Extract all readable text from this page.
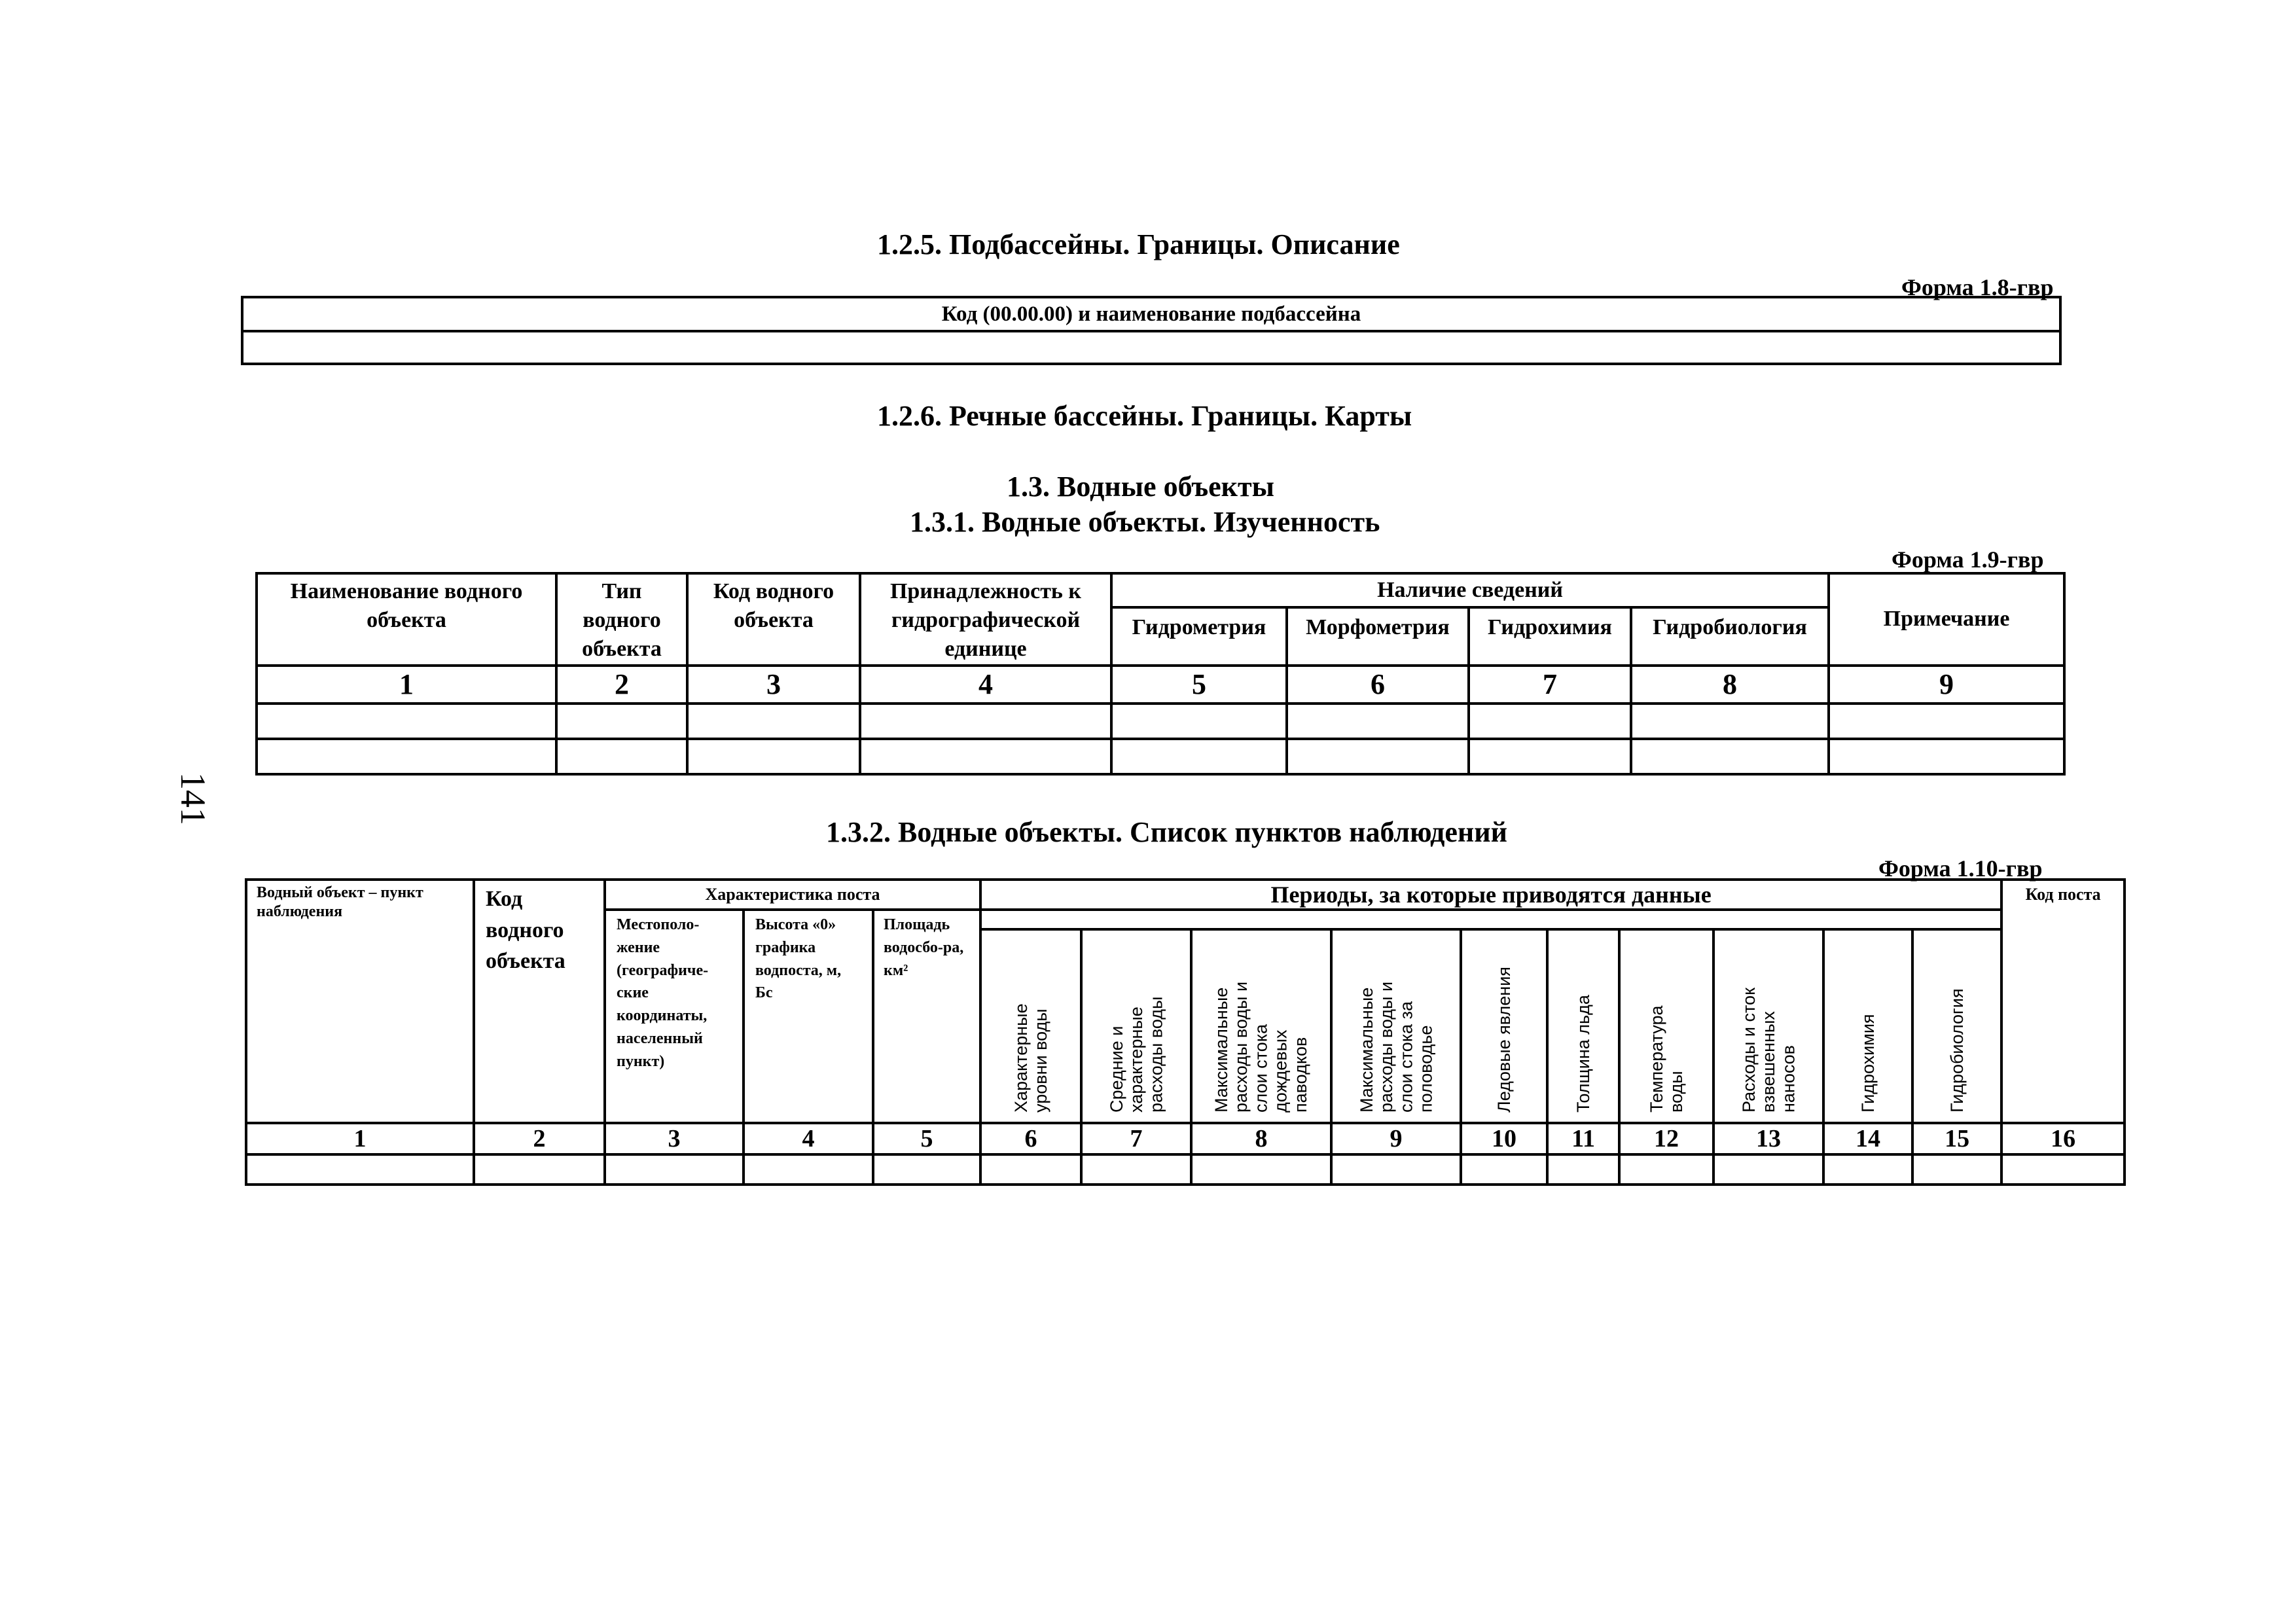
141
1.2.5. Подбассейны. Границы. Описание
Форма 1.8-гвр
Код (00.00.00) и наименование подбассейна

1.2.6. Речные бассейны. Границы. Карты
1.3. Водные объекты
1.3.1. Водные объекты. Изученность
Форма 1.9-гвр
Наименование водного объекта	Тип водного объекта	Код водного объекта	Принадлежность к гидрографической единице	Наличие сведений				Примечание
				Гидрометрия	Морфометрия	Гидрохимия	Гидробиология	
1	2	3	4	5	6	7	8	9

1.3.2. Водные объекты. Список пунктов наблюдений
Форма 1.10-гвр
Водный объект – пункт наблюдения	Код водного объекта	Характеристика поста			Периоды, за которые приводятся данные										Код поста
		Местополо-жение (географиче-ские координаты, населенный пункт)	Высота «0» графика водпоста, м, Бс	Площадь водосбо-ра, км²											

					Характерные уровни воды	Средние и характерные расходы воды	Максимальные расходы воды и слои стока дождевых паводков	Максимальные расходы воды и слои стока за половодье	Ледовые явления	Толщина льда	Температура воды	Расходы и сток взвешенных наносов	Гидрохимия	Гидробиология	

1	2	3	4	5	6	7	8	9	10	11	12	13	14	15	16
